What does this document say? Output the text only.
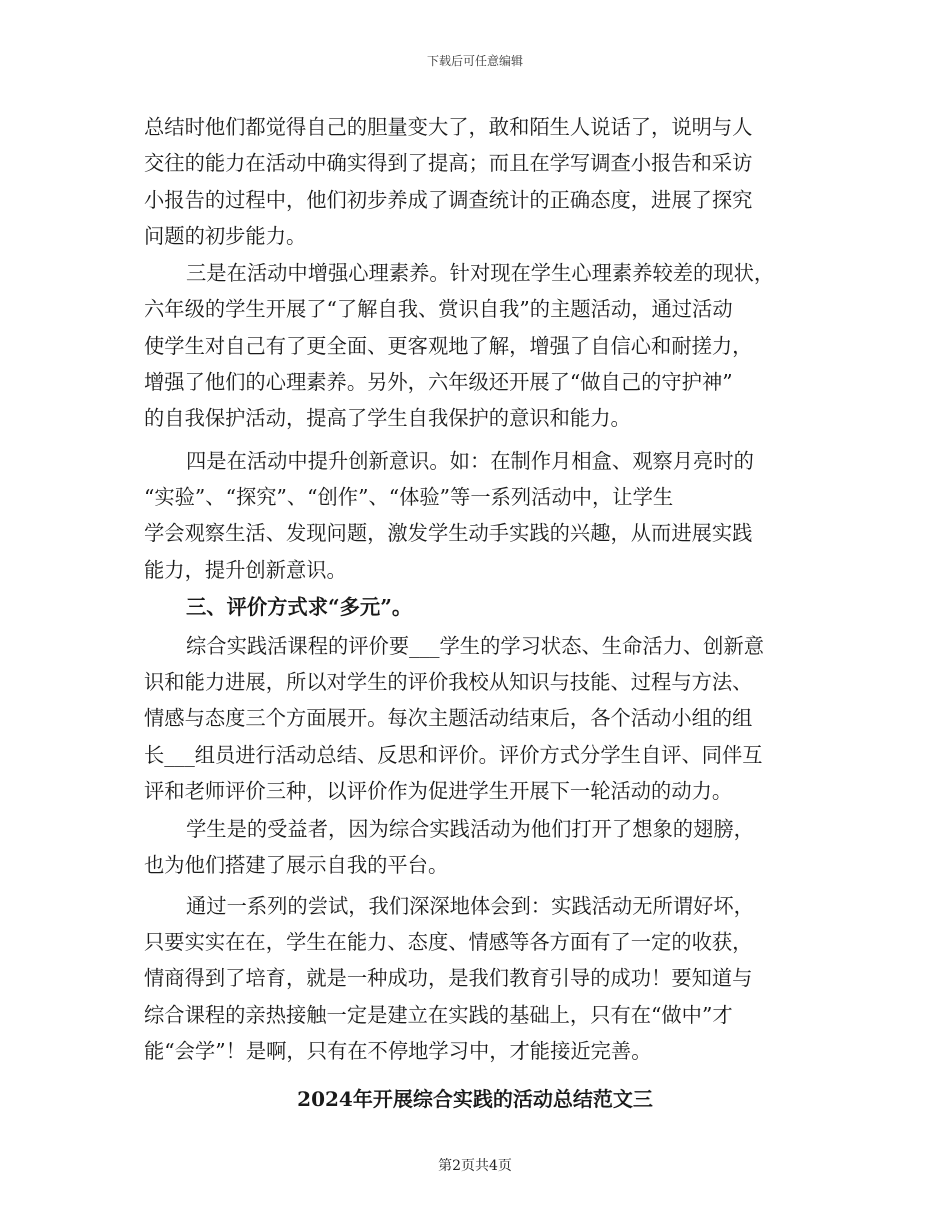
下载后可任意编辑
总结时他们都觉得自己的胆量变大了，敢和陌生人说话了，说明与人
交往的能力在活动中确实得到了提高；而且在学写调查小报告和采访
小报告的过程中，他们初步养成了调查统计的正确态度，进展了探究
问题的初步能力。
三是在活动中增强心理素养。针对现在学生心理素养较差的现状，
六年级的学生开展了“了解自我、赏识自我”的主题活动，通过活动
使学生对自己有了更全面、更客观地了解，增强了自信心和耐搓力，
增强了他们的心理素养。另外，六年级还开展了“做自己的守护神”
的自我保护活动，提高了学生自我保护的意识和能力。
四是在活动中提升创新意识。如：在制作月相盒、观察月亮时的
“实验”、“探究”、“创作”、“体验”等一系列活动中，让学生
学会观察生活、发现问题，激发学生动手实践的兴趣，从而进展实践
能力，提升创新意识。
三、评价方式求“多元”。
综合实践活课程的评价要___学生的学习状态、生命活力、创新意
识和能力进展，所以对学生的评价我校从知识与技能、过程与方法、
情感与态度三个方面展开。每次主题活动结束后，各个活动小组的组
长___组员进行活动总结、反思和评价。评价方式分学生自评、同伴互
评和老师评价三种，以评价作为促进学生开展下一轮活动的动力。
学生是的受益者，因为综合实践活动为他们打开了想象的翅膀，
也为他们搭建了展示自我的平台。
通过一系列的尝试，我们深深地体会到：实践活动无所谓好坏，
只要实实在在，学生在能力、态度、情感等各方面有了一定的收获，
情商得到了培育，就是一种成功，是我们教育引导的成功！要知道与
综合课程的亲热接触一定是建立在实践的基础上，只有在“做中”才
能“会学”！是啊，只有在不停地学习中，才能接近完善。
2024年开展综合实践的活动总结范文三
第2页共4页
